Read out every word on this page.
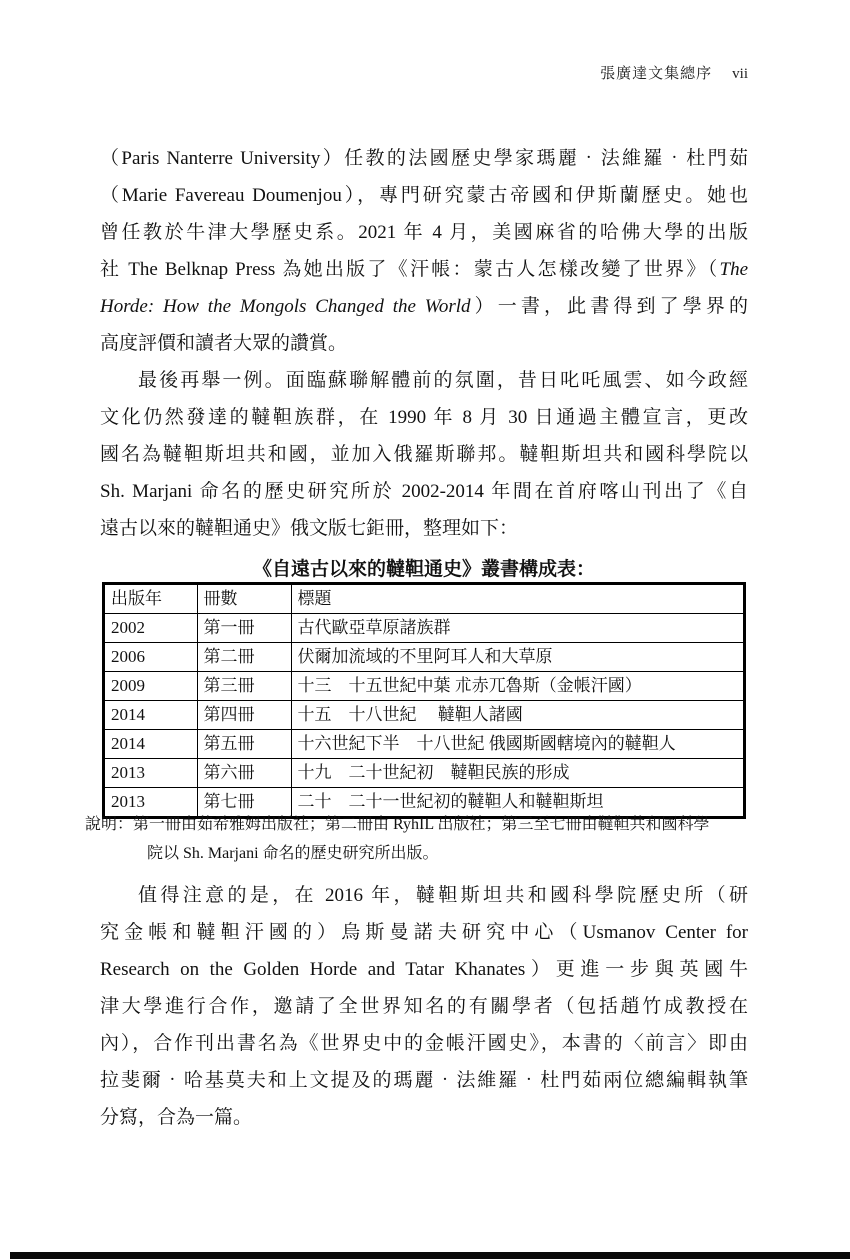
張廣達文集總序 vii
（Paris Nanterre University）任教的法國歷史學家瑪麗‧法維羅‧杜門茹
（Marie Favereau Doumenjou），專門研究蒙古帝國和伊斯蘭歷史。她也
曾任教於牛津大學歷史系。2021 年 4 月，美國麻省的哈佛大學的出版
社 The Belknap Press 為她出版了《汗帳：蒙古人怎樣改變了世界》（The
Horde: How the Mongols Changed the World）一書，此書得到了學界的
高度評價和讀者大眾的讚賞。
最後再舉一例。面臨蘇聯解體前的氛圍，昔日叱吒風雲、如今政經
文化仍然發達的韃靼族群，在 1990 年 8 月 30 日通過主體宣言，更改
國名為韃靼斯坦共和國，並加入俄羅斯聯邦。韃靼斯坦共和國科學院以
Sh. Marjani 命名的歷史研究所於 2002-2014 年間在首府喀山刊出了《自
遠古以來的韃靼通史》俄文版七鉅冊，整理如下：
《自遠古以來的韃靼通史》叢書構成表：
出版年	冊數	標題
2002	第一冊	古代歐亞草原諸族群
2006	第二冊	伏爾加流域的不里阿耳人和大草原
2009	第三冊	十三　十五世紀中葉 朮赤兀魯斯（金帳汗國）
2014	第四冊	十五　十八世紀　 韃靼人諸國
2014	第五冊	十六世紀下半　十八世紀 俄國斯國轄境內的韃靼人
2013	第六冊	十九　二十世紀初　韃靼民族的形成
2013	第七冊	二十　二十一世紀初的韃靼人和韃靼斯坦
說明：第一冊由茹希雅姆出版社；第二冊由 RyhIL 出版社；第三至七冊由韃靼共和國科學
院以 Sh. Marjani 命名的歷史研究所出版。
值得注意的是，在 2016 年，韃靼斯坦共和國科學院歷史所（研
究金帳和韃靼汗國的）烏斯曼諾夫研究中心（Usmanov Center for
Research on the Golden Horde and Tatar Khanates）更進一步與英國牛
津大學進行合作，邀請了全世界知名的有關學者（包括趙竹成教授在
內），合作刊出書名為《世界史中的金帳汗國史》，本書的〈前言〉即由
拉斐爾‧哈基莫夫和上文提及的瑪麗‧法維羅‧杜門茹兩位總編輯執筆
分寫，合為一篇。
